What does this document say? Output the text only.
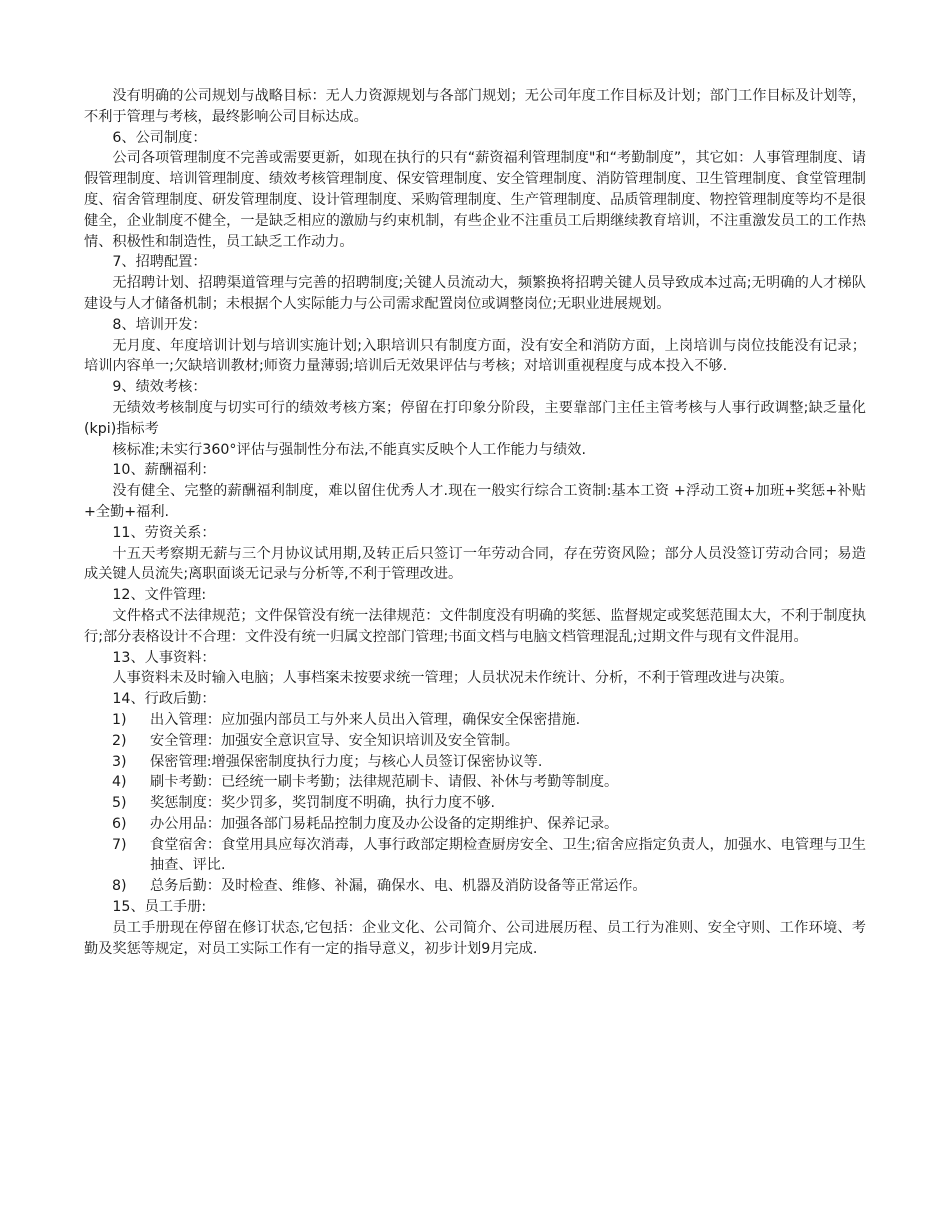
没有明确的公司规划与战略目标：无人力资源规划与各部门规划；无公司年度工作目标及计划；部门工作目标及计划等，不利于管理与考核，最终影响公司目标达成。

6、公司制度：

公司各项管理制度不完善或需要更新，如现在执行的只有“薪资福利管理制度"和“考勤制度”，其它如：人事管理制度、请假管理制度、培训管理制度、绩效考核管理制度、保安管理制度、安全管理制度、消防管理制度、卫生管理制度、食堂管理制度、宿舍管理制度、研发管理制度、设计管理制度、采购管理制度、生产管理制度、品质管理制度、物控管理制度等均不是很健全，企业制度不健全，一是缺乏相应的激励与约束机制，有些企业不注重员工后期继续教育培训，不注重激发员工的工作热情、积极性和制造性，员工缺乏工作动力。

7、招聘配置：

无招聘计划、招聘渠道管理与完善的招聘制度;关键人员流动大，频繁换将招聘关键人员导致成本过高;无明确的人才梯队建设与人才储备机制；未根据个人实际能力与公司需求配置岗位或调整岗位;无职业进展规划。

8、培训开发：

无月度、年度培训计划与培训实施计划;入职培训只有制度方面，没有安全和消防方面，上岗培训与岗位技能没有记录；培训内容单一;欠缺培训教材;师资力量薄弱;培训后无效果评估与考核；对培训重视程度与成本投入不够.

9、绩效考核：

无绩效考核制度与切实可行的绩效考核方案；停留在打印象分阶段，主要靠部门主任主管考核与人事行政调整;缺乏量化(kpi)指标考

核标准;未实行360°评估与强制性分布法,不能真实反映个人工作能力与绩效.

10、薪酬福利：

没有健全、完整的薪酬福利制度，难以留住优秀人才.现在一般实行综合工资制:基本工资 +浮动工资+加班+奖惩+补贴+全勤+福利.

11、劳资关系：

十五天考察期无薪与三个月协议试用期,及转正后只签订一年劳动合同，存在劳资风险；部分人员没签订劳动合同；易造成关键人员流失;离职面谈无记录与分析等,不利于管理改进。

12、文件管理:

文件格式不法律规范；文件保管没有统一法律规范：文件制度没有明确的奖惩、监督规定或奖惩范围太大，不利于制度执行;部分表格设计不合理：文件没有统一归属文控部门管理;书面文档与电脑文档管理混乱;过期文件与现有文件混用。

13、人事资料：

人事资料未及时输入电脑；人事档案未按要求统一管理；人员状况未作统计、分析，不利于管理改进与决策。

14、行政后勤：

1)	出入管理：应加强内部员工与外来人员出入管理，确保安全保密措施.
2)	安全管理：加强安全意识宣导、安全知识培训及安全管制。
3)	保密管理:增强保密制度执行力度；与核心人员签订保密协议等.
4)	刷卡考勤：已经统一刷卡考勤；法律规范刷卡、请假、补休与考勤等制度。
5)	奖惩制度：奖少罚多，奖罚制度不明确，执行力度不够.
6)	办公用品：加强各部门易耗品控制力度及办公设备的定期维护、保养记录。
7)	食堂宿舍：食堂用具应每次消毒，人事行政部定期检查厨房安全、卫生;宿舍应指定负责人，加强水、电管理与卫生抽查、评比.
8)	总务后勤：及时检查、维修、补漏，确保水、电、机器及消防设备等正常运作。

15、员工手册:

员工手册现在停留在修订状态,它包括：企业文化、公司简介、公司进展历程、员工行为准则、安全守则、工作环境、考勤及奖惩等规定，对员工实际工作有一定的指导意义，初步计划9月完成.
